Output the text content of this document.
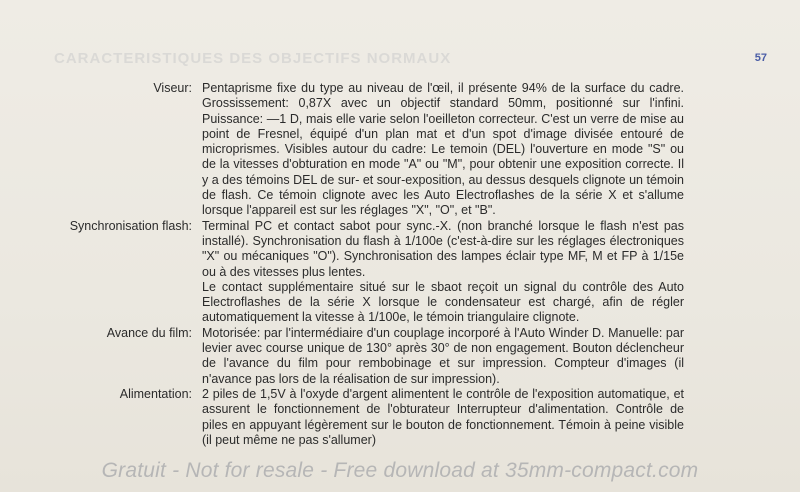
CARACTERISTIQUES DES OBJECTIFS NORMAUX	57
Viseur: Pentaprisme fixe du type au niveau de l'œil, il présente 94% de la surface du cadre. Grossissement: 0,87X avec un objectif standard 50mm, positionné sur l'infini. Puissance: —1 D, mais elle varie selon l'oeilleton correcteur. C'est un verre de mise au point de Fresnel, équipé d'un plan mat et d'un spot d'image divisée entouré de microprismes. Visibles autour du cadre: Le temoin (DEL) l'ouverture en mode "S" ou de la vitesses d'obturation en mode "A" ou "M", pour obtenir une exposition correcte. Il y a des témoins DEL de sur- et sour-exposition, au dessus desquels clignote un témoin de flash. Ce témoin clignote avec les Auto Electroflashes de la série X et s'allume lorsque l'appareil est sur les réglages "X", "O", et "B".

Synchronisation flash: Terminal PC et contact sabot pour sync.-X. (non branché lorsque le flash n'est pas installé). Synchronisation du flash à 1/100e (c'est-à-dire sur les réglages électroniques "X" ou mécaniques "O"). Synchronisation des lampes éclair type MF, M et FP à 1/15e ou à des vitesses plus lentes.

Le contact supplémentaire situé sur le sbaot reçoit un signal du contrôle des Auto Electroflashes de la série X lorsque le condensateur est chargé, afin de régler automatiquement la vitesse à 1/100e, le témoin triangulaire clignote.

Avance du film: Motorisée: par l'intermédiaire d'un couplage incorporé à l'Auto Winder D. Manuelle: par levier avec course unique de 130° après 30° de non engagement. Bouton déclencheur de l'avance du film pour rembobinage et sur impression. Compteur d'images (il n'avance pas lors de la réalisation de sur impression).

Alimentation: 2 piles de 1,5V à l'oxyde d'argent alimentent le contrôle de l'exposition automatique, et assurent le fonctionnement de l'obturateur Interrupteur d'alimentation. Contrôle de piles en appuyant légèrement sur le bouton de fonctionnement. Témoin à peine visible (il peut même ne pas s'allumer)

Gratuit - Not for resale - Free download at 35mm-compact.com
